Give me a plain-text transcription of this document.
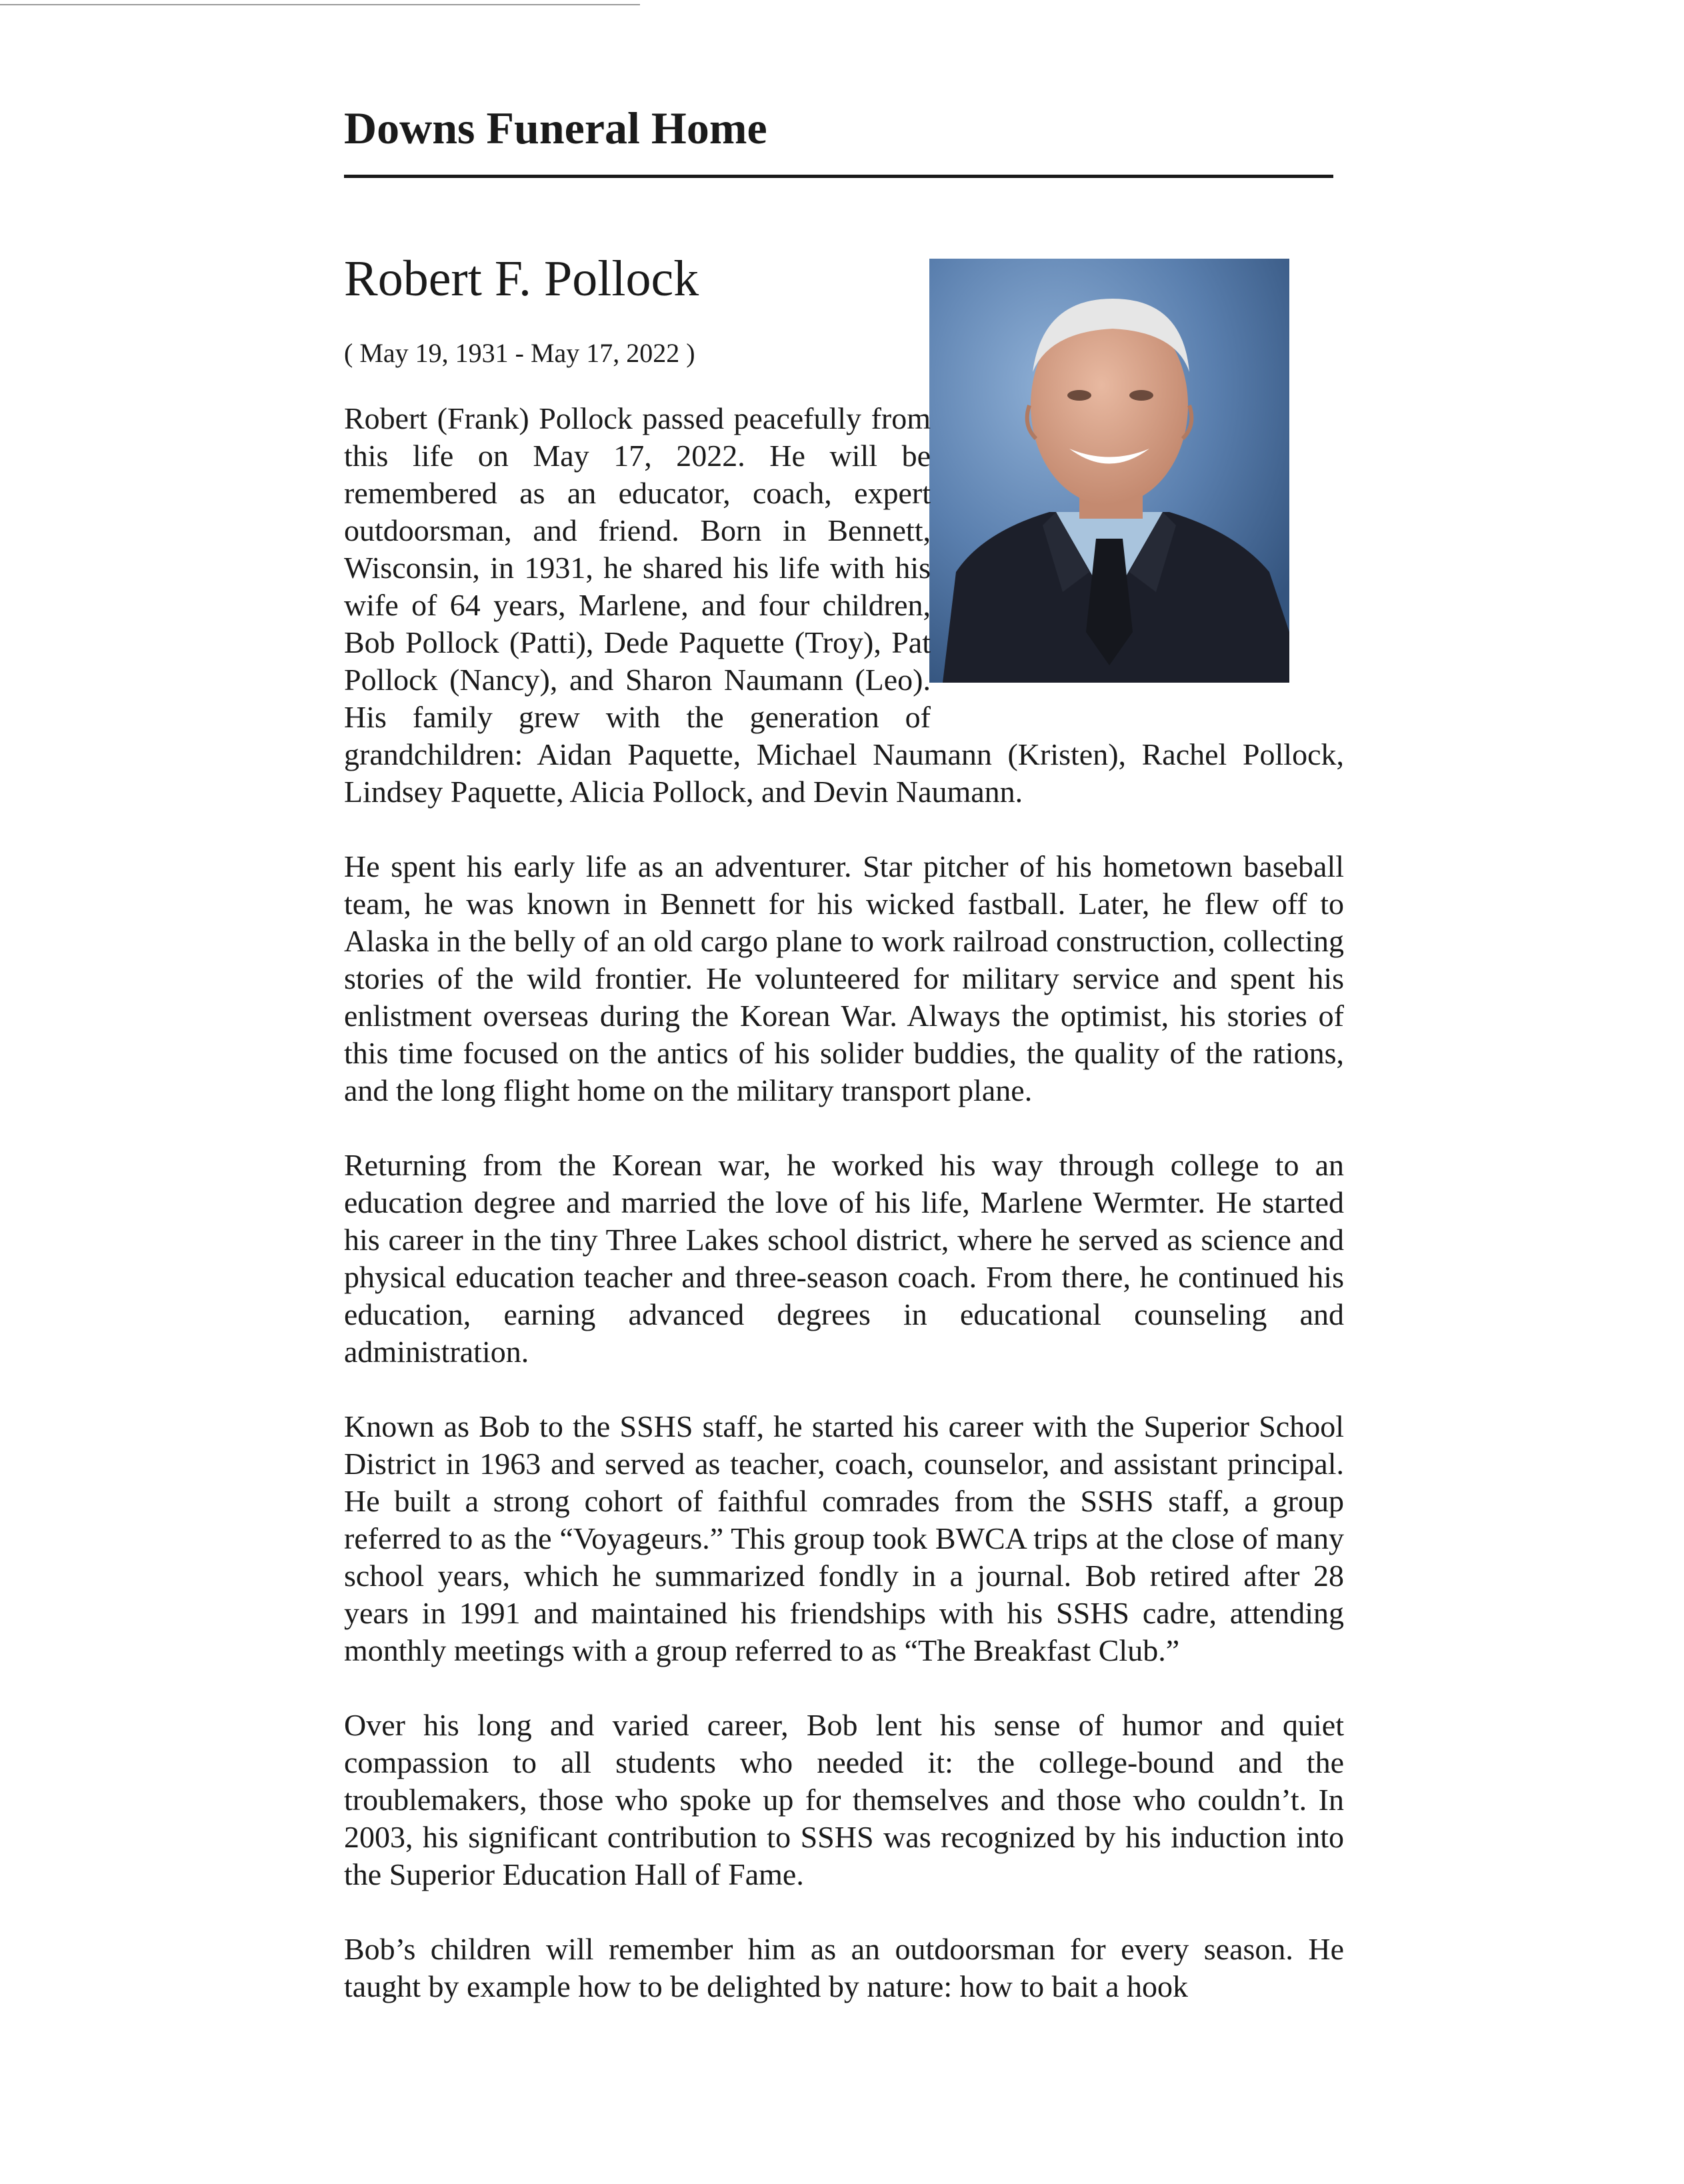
Downs Funeral Home
Robert F. Pollock
( May 19, 1931 - May 17, 2022 )

Robert (Frank) Pollock passed peacefully from this life on May 17, 2022. He will be remembered as an educator, coach, expert outdoorsman, and friend. Born in Bennett, Wisconsin, in 1931, he shared his life with his wife of 64 years, Marlene, and four children, Bob Pollock (Patti), Dede Paquette (Troy), Pat Pollock (Nancy), and Sharon Naumann (Leo). His family grew with the generation of grandchildren: Aidan Paquette, Michael Naumann (Kristen), Rachel Pollock, Lindsey Paquette, Alicia Pollock, and Devin Naumann.

He spent his early life as an adventurer. Star pitcher of his hometown baseball team, he was known in Bennett for his wicked fastball. Later, he flew off to Alaska in the belly of an old cargo plane to work railroad construction, collecting stories of the wild frontier. He volunteered for military service and spent his enlistment overseas during the Korean War. Always the optimist, his stories of this time focused on the antics of his solider buddies, the quality of the rations, and the long flight home on the military transport plane.

Returning from the Korean war, he worked his way through college to an education degree and married the love of his life, Marlene Wermter. He started his career in the tiny Three Lakes school district, where he served as science and physical education teacher and three-season coach. From there, he continued his education, earning advanced degrees in educational counseling and administration.

Known as Bob to the SSHS staff, he started his career with the Superior School District in 1963 and served as teacher, coach, counselor, and assistant principal. He built a strong cohort of faithful comrades from the SSHS staff, a group referred to as the “Voyageurs.” This group took BWCA trips at the close of many school years, which he summarized fondly in a journal. Bob retired after 28 years in 1991 and maintained his friendships with his SSHS cadre, attending monthly meetings with a group referred to as “The Breakfast Club.”

Over his long and varied career, Bob lent his sense of humor and quiet compassion to all students who needed it: the college-bound and the troublemakers, those who spoke up for themselves and those who couldn’t. In 2003, his significant contribution to SSHS was recognized by his induction into the Superior Education Hall of Fame.

Bob’s children will remember him as an outdoorsman for every season. He taught by example how to be delighted by nature: how to bait a hook
